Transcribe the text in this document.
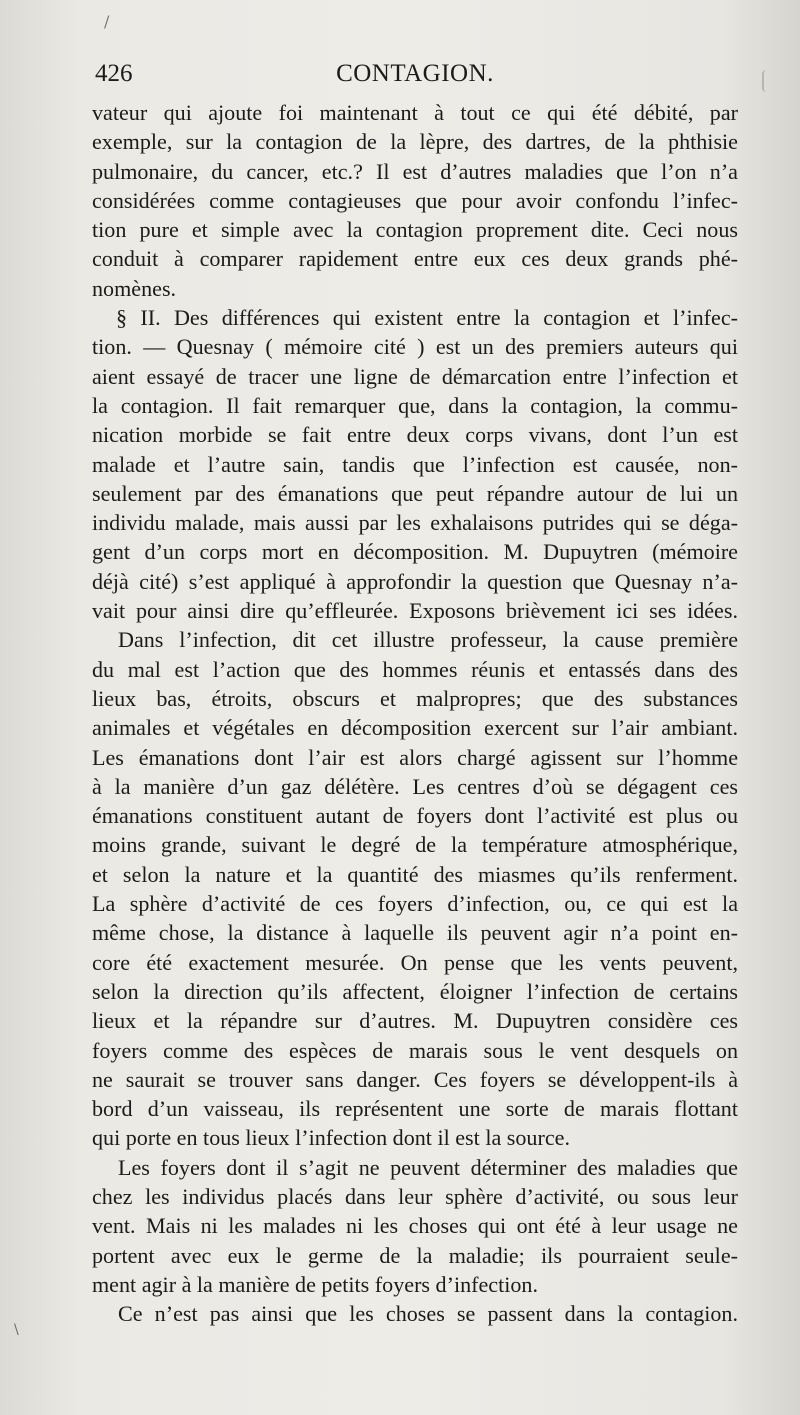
/
426	CONTAGION.
vateur qui ajoute foi maintenant à tout ce qui été débité, par
exemple, sur la contagion de la lèpre, des dartres, de la phthisie
pulmonaire, du cancer, etc.? Il est d’autres maladies que l’on n’a
considérées comme contagieuses que pour avoir confondu l’infec-
tion pure et simple avec la contagion proprement dite. Ceci nous
conduit à comparer rapidement entre eux ces deux grands phé-
nomènes.
§ II. Des différences qui existent entre la contagion et l’infec-
tion. — Quesnay ( mémoire cité ) est un des premiers auteurs qui
aient essayé de tracer une ligne de démarcation entre l’infection et
la contagion. Il fait remarquer que, dans la contagion, la commu-
nication morbide se fait entre deux corps vivans, dont l’un est
malade et l’autre sain, tandis que l’infection est causée, non-
seulement par des émanations que peut répandre autour de lui un
individu malade, mais aussi par les exhalaisons putrides qui se déga-
gent d’un corps mort en décomposition. M. Dupuytren (mémoire
déjà cité) s’est appliqué à approfondir la question que Quesnay n’a-
vait pour ainsi dire qu’effleurée. Exposons brièvement ici ses idées.
Dans l’infection, dit cet illustre professeur, la cause première
du mal est l’action que des hommes réunis et entassés dans des
lieux bas, étroits, obscurs et malpropres; que des substances
animales et végétales en décomposition exercent sur l’air ambiant.
Les émanations dont l’air est alors chargé agissent sur l’homme
à la manière d’un gaz délétère. Les centres d’où se dégagent ces
émanations constituent autant de foyers dont l’activité est plus ou
moins grande, suivant le degré de la température atmosphérique,
et selon la nature et la quantité des miasmes qu’ils renferment.
La sphère d’activité de ces foyers d’infection, ou, ce qui est la
même chose, la distance à laquelle ils peuvent agir n’a point en-
core été exactement mesurée. On pense que les vents peuvent,
selon la direction qu’ils affectent, éloigner l’infection de certains
lieux et la répandre sur d’autres. M. Dupuytren considère ces
foyers comme des espèces de marais sous le vent desquels on
ne saurait se trouver sans danger. Ces foyers se développent-ils à
bord d’un vaisseau, ils représentent une sorte de marais flottant
qui porte en tous lieux l’infection dont il est la source.
Les foyers dont il s’agit ne peuvent déterminer des maladies que
chez les individus placés dans leur sphère d’activité, ou sous leur
vent. Mais ni les malades ni les choses qui ont été à leur usage ne
portent avec eux le germe de la maladie; ils pourraient seule-
ment agir à la manière de petits foyers d’infection.
Ce n’est pas ainsi que les choses se passent dans la contagion.
\
